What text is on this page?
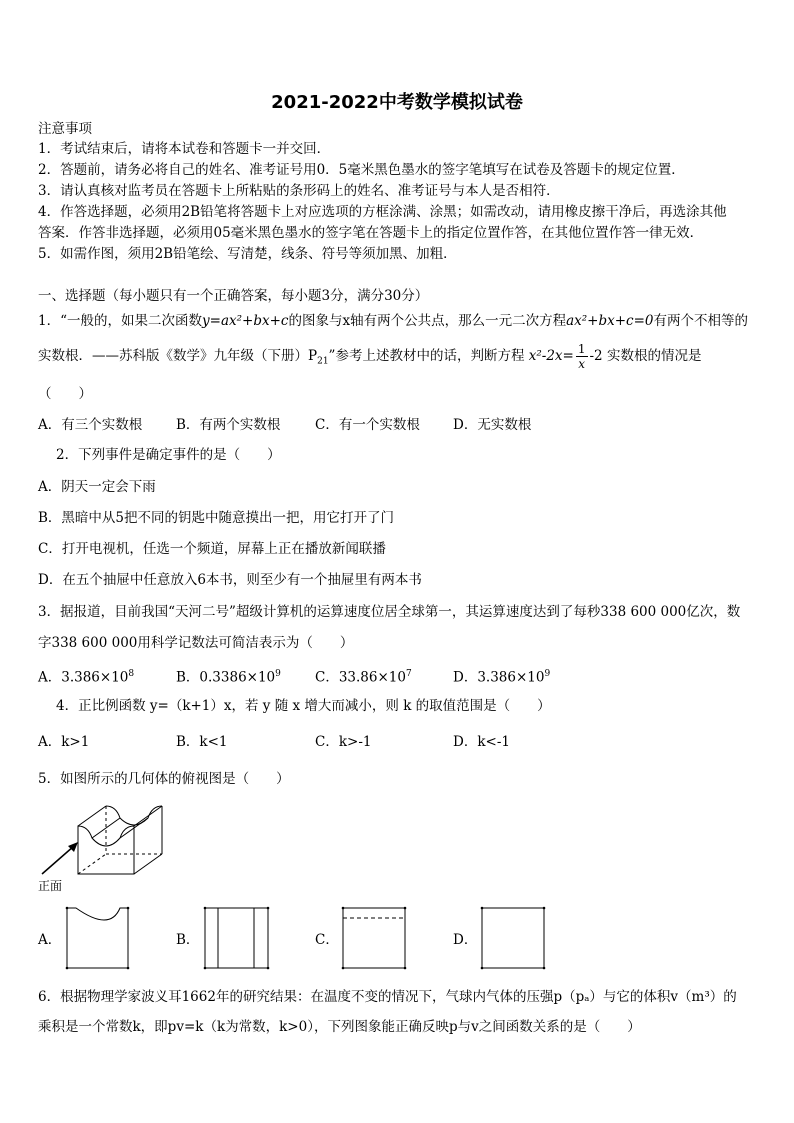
2021-2022中考数学模拟试卷
注意事项
1．考试结束后，请将本试卷和答题卡一并交回．
2．答题前，请务必将自己的姓名、准考证号用0．5毫米黑色墨水的签字笔填写在试卷及答题卡的规定位置．
3．请认真核对监考员在答题卡上所粘贴的条形码上的姓名、准考证号与本人是否相符．
4．作答选择题，必须用2B铅笔将答题卡上对应选项的方框涂满、涂黑；如需改动，请用橡皮擦干净后，再选涂其他
答案．作答非选择题，必须用05毫米黑色墨水的签字笔在答题卡上的指定位置作答，在其他位置作答一律无效．
5．如需作图，须用2B铅笔绘、写清楚，线条、符号等须加黑、加粗．
一、选择题（每小题只有一个正确答案，每小题3分，满分30分）
1．“一般的，如果二次函数y=ax²+bx+c的图象与x轴有两个公共点，那么一元二次方程ax²+bx+c=0有两个不相等的
实数根．——苏科版《数学》九年级（下册）$P_{21}$”参考上述教材中的话，判断方程 $x^2-2x= \frac{1}{x} -2$ 实数根的情况是
（　　）
A．有三个实数根	B．有两个实数根	C．有一个实数根 D．无实数根
2．下列事件是确定事件的是（　　）
A．阴天一定会下雨
B．黑暗中从5把不同的钥匙中随意摸出一把，用它打开了门
C．打开电视机，任选一个频道，屏幕上正在播放新闻联播
D．在五个抽屉中任意放入6本书，则至少有一个抽屉里有两本书
3．据报道，目前我国“天河二号”超级计算机的运算速度位居全球第一，其运算速度达到了每秒338 600 000亿次，数
字338 600 000用科学记数法可简洁表示为（　　）
A．$3.386\times 10^8$	B．$0.3386\times 10^9$	C．$33.86\times 10^7$	D．$3.386\times 10^9$
4．正比例函数 y=（k+1）x，若 y 随 x 增大而减小，则 k 的取值范围是（　　）
A．k>1	B．k<1	C．k>-1	D．k<-1
5．如图所示的几何体的俯视图是（　　）
正面
A．	B．	C．	D．
6．根据物理学家波义耳1662年的研究结果：在温度不变的情况下，气球内气体的压强p（pₐ）与它的体积v（m³）的
乘积是一个常数k，即pv=k（k为常数，k>0），下列图象能正确反映p与v之间函数关系的是（　　）
